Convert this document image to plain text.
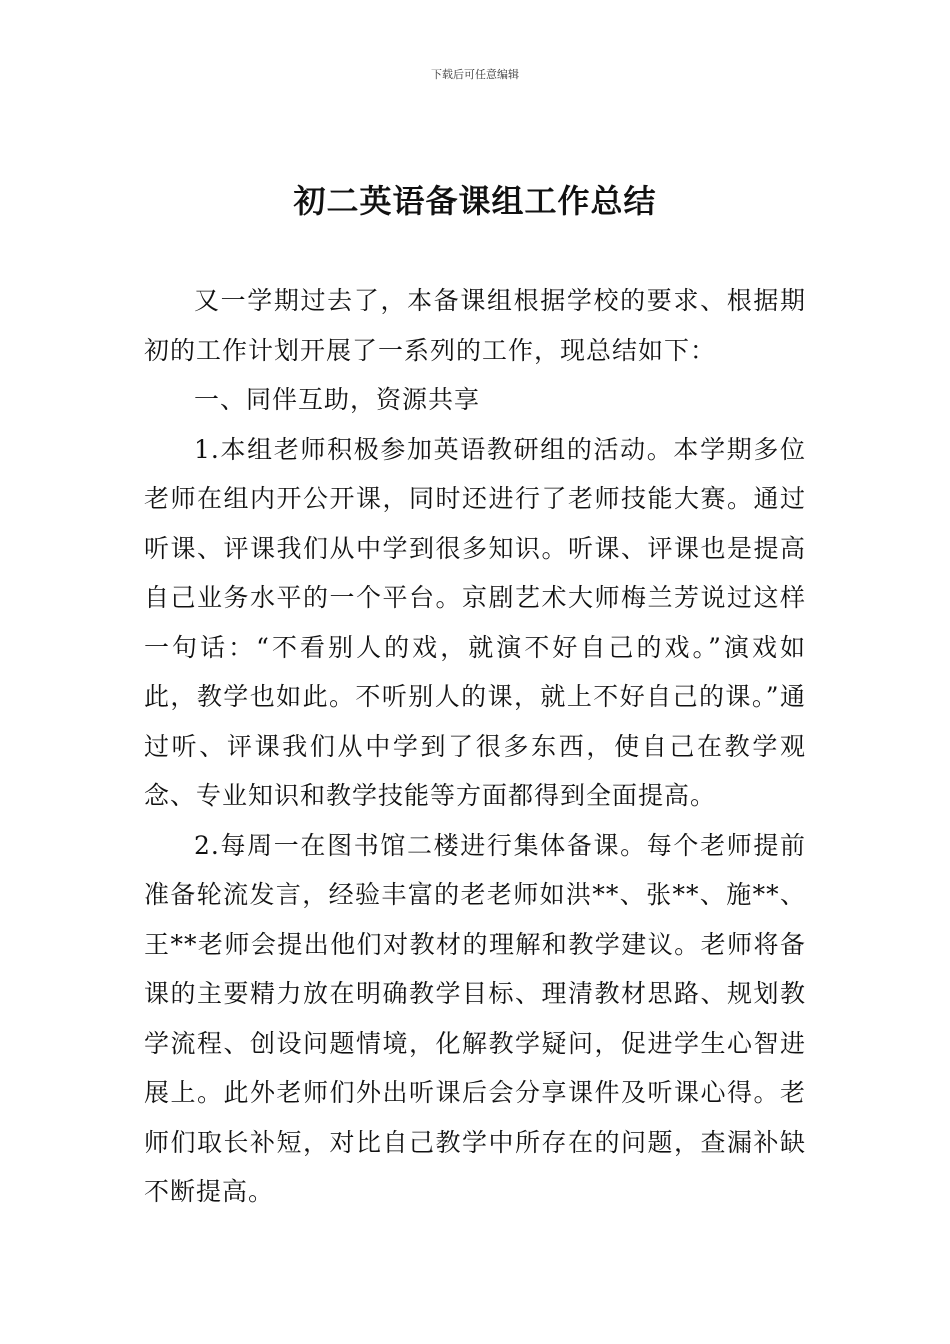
下载后可任意编辑
初二英语备课组工作总结

又一学期过去了，本备课组根据学校的要求、根据期初的工作计划开展了一系列的工作，现总结如下：

一、同伴互助，资源共享

1.本组老师积极参加英语教研组的活动。本学期多位老师在组内开公开课，同时还进行了老师技能大赛。通过听课、评课我们从中学到很多知识。听课、评课也是提高自己业务水平的一个平台。京剧艺术大师梅兰芳说过这样一句话：“不看别人的戏，就演不好自己的戏。”演戏如此，教学也如此。不听别人的课，就上不好自己的课。”通过听、评课我们从中学到了很多东西，使自己在教学观念、专业知识和教学技能等方面都得到全面提高。

2.每周一在图书馆二楼进行集体备课。每个老师提前准备轮流发言，经验丰富的老老师如洪**、张**、施**、王**老师会提出他们对教材的理解和教学建议。老师将备课的主要精力放在明确教学目标、理清教材思路、规划教学流程、创设问题情境，化解教学疑问，促进学生心智进展上。此外老师们外出听课后会分享课件及听课心得。老师们取长补短，对比自己教学中所存在的问题，查漏补缺不断提高。
